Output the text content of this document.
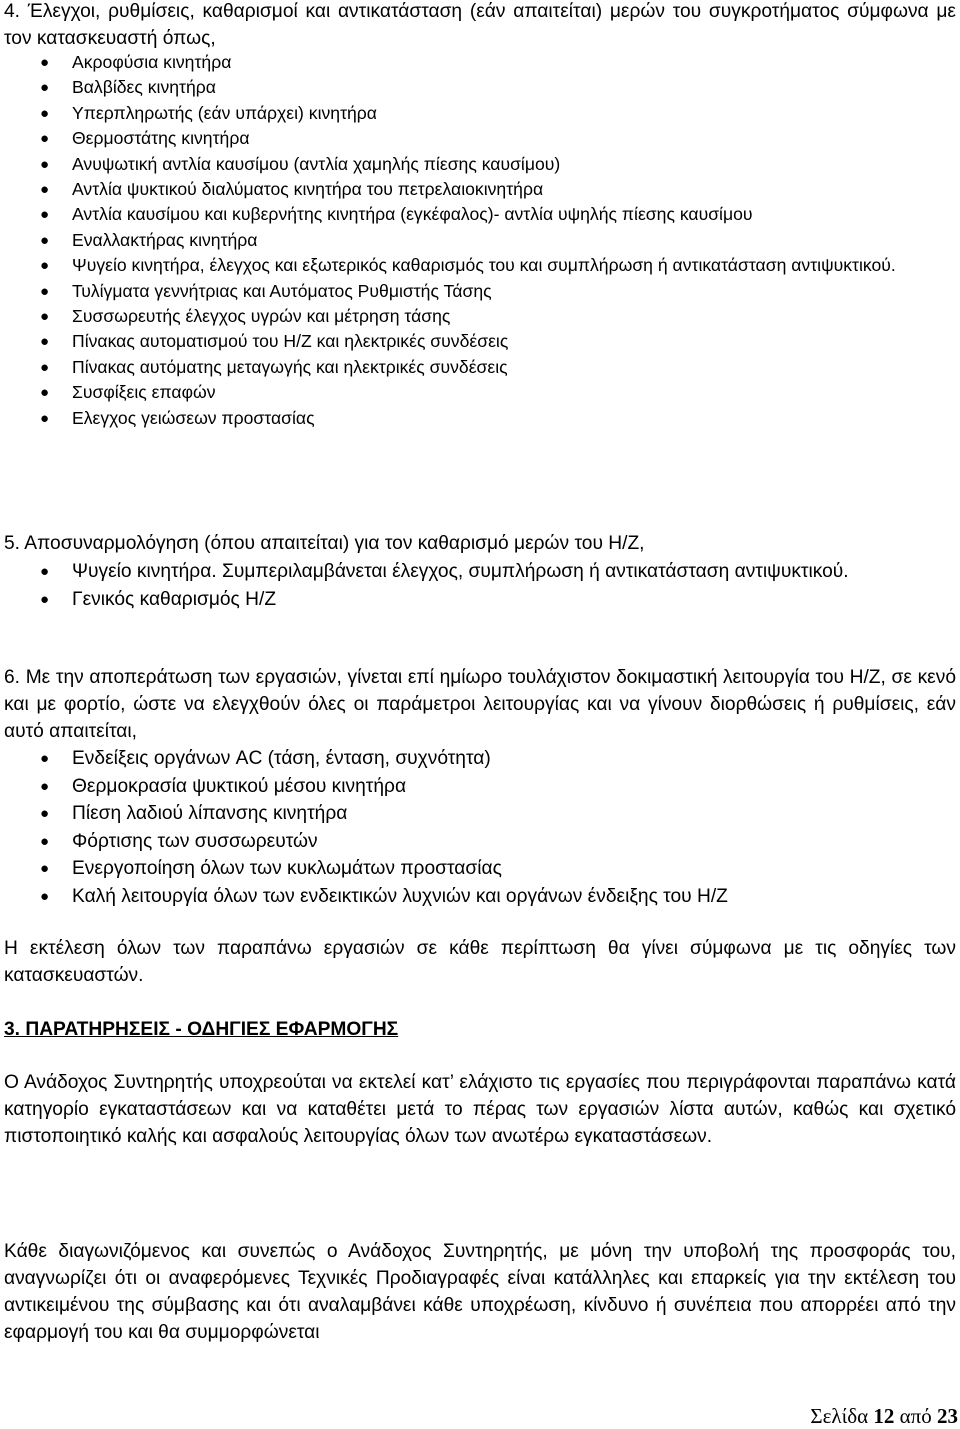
4. Έλεγχοι, ρυθμίσεις, καθαρισμοί και αντικατάσταση (εάν απαιτείται) μερών του συγκροτήματος σύμφωνα με τον κατασκευαστή όπως,

● Ακροφύσια κινητήρα
● Βαλβίδες κινητήρα
● Υπερπληρωτής (εάν υπάρχει) κινητήρα
● Θερμοστάτης κινητήρα
● Ανυψωτική αντλία καυσίμου (αντλία χαμηλής πίεσης καυσίμου)
● Αντλία ψυκτικού διαλύματος κινητήρα του πετρελαιοκινητήρα
● Αντλία καυσίμου και κυβερνήτης κινητήρα (εγκέφαλος)- αντλία υψηλής πίεσης καυσίμου
● Εναλλακτήρας κινητήρα
● Ψυγείο κινητήρα, έλεγχος και εξωτερικός καθαρισμός του και συμπλήρωση ή αντικατάσταση αντιψυκτικού.
● Τυλίγματα γεννήτριας και Αυτόματος Ρυθμιστής Τάσης
● Συσσωρευτής έλεγχος υγρών και μέτρηση τάσης
● Πίνακας αυτοματισμού του Η/Ζ και ηλεκτρικές συνδέσεις
● Πίνακας αυτόματης μεταγωγής και ηλεκτρικές συνδέσεις
● Συσφίξεις επαφών
● Ελεγχος γειώσεων προστασίας

5. Αποσυναρμολόγηση (όπου απαιτείται) για τον καθαρισμό μερών του Η/Ζ,

● Ψυγείο κινητήρα. Συμπεριλαμβάνεται έλεγχος, συμπλήρωση ή αντικατάσταση αντιψυκτικού.
● Γενικός καθαρισμός Η/Ζ

6. Με την αποπεράτωση των εργασιών, γίνεται επί ημίωρο τουλάχιστον δοκιμαστική λειτουργία του Η/Ζ, σε κενό και με φορτίο, ώστε να ελεγχθούν όλες οι παράμετροι λειτουργίας και να γίνουν διορθώσεις ή ρυθμίσεις, εάν αυτό απαιτείται,

● Ενδείξεις οργάνων AC (τάση, ένταση, συχνότητα)
● Θερμοκρασία ψυκτικού μέσου κινητήρα
● Πίεση λαδιού λίπανσης κινητήρα
● Φόρτισης των συσσωρευτών
● Ενεργοποίηση όλων των κυκλωμάτων προστασίας
● Καλή λειτουργία όλων των ενδεικτικών λυχνιών και οργάνων ένδειξης του Η/Ζ

Η εκτέλεση όλων των παραπάνω εργασιών σε κάθε περίπτωση θα γίνει σύμφωνα με τις οδηγίες των κατασκευαστών.

3. ΠΑΡΑΤΗΡΗΣΕΙΣ - ΟΔΗΓΙΕΣ ΕΦΑΡΜΟΓΗΣ

Ο Ανάδοχος Συντηρητής υποχρεούται να εκτελεί κατ’ ελάχιστο τις εργασίες που περιγράφονται παραπάνω κατά κατηγορίο εγκαταστάσεων και να καταθέτει μετά το πέρας των εργασιών λίστα αυτών, καθώς και σχετικό πιστοποιητικό καλής και ασφαλούς λειτουργίας όλων των ανωτέρω εγκαταστάσεων.

Κάθε διαγωνιζόμενος και συνεπώς ο Ανάδοχος Συντηρητής, με μόνη την υποβολή της προσφοράς του, αναγνωρίζει ότι οι αναφερόμενες Τεχνικές Προδιαγραφές είναι κατάλληλες και επαρκείς για την εκτέλεση του αντικειμένου της σύμβασης και ότι αναλαμβάνει κάθε υποχρέωση, κίνδυνο ή συνέπεια που απορρέει από την εφαρμογή του και θα συμμορφώνεται

Σελίδα 12 από 23
